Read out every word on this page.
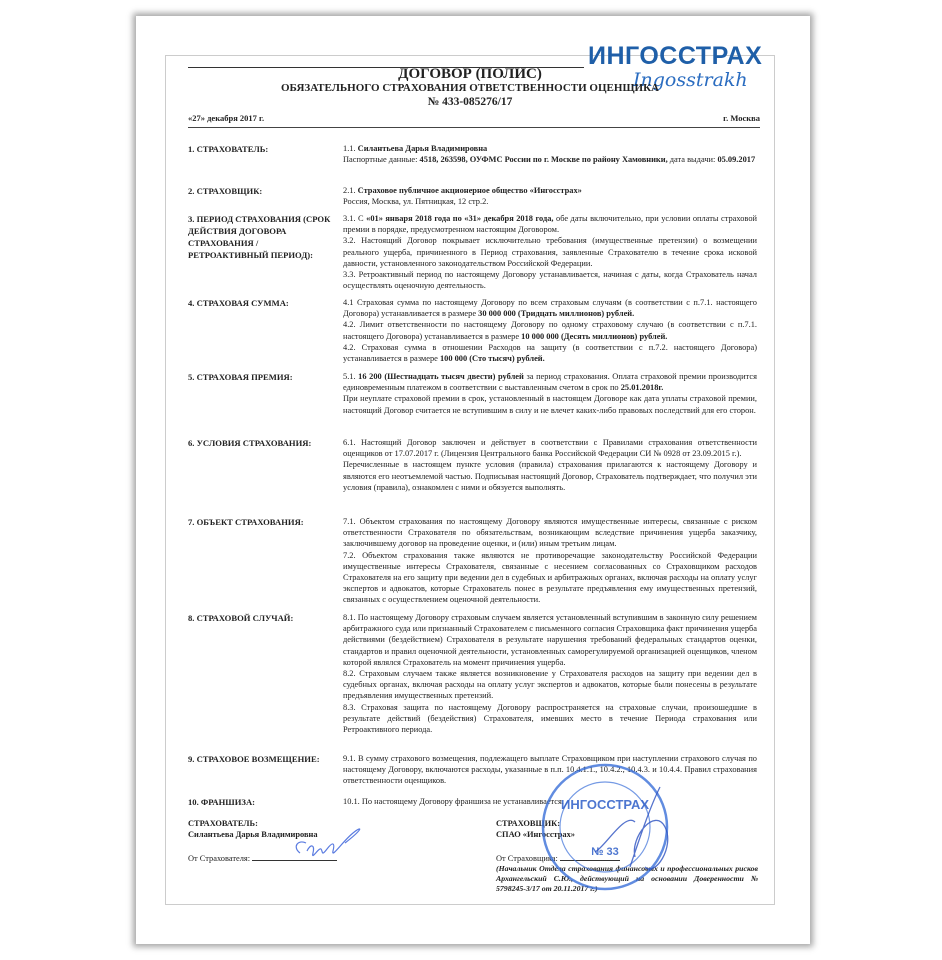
ИНГОССТРАХ
Ingosstrakh
ДОГОВОР (ПОЛИС)
ОБЯЗАТЕЛЬНОГО СТРАХОВАНИЯ ОТВЕТСТВЕННОСТИ ОЦЕНЩИКА
№ 433-085276/17
«27» декабря 2017 г.	г. Москва
1. СТРАХОВАТЕЛЬ:	1.1. Силантьева Дарья Владимировна

Паспортные данные: 4518, 263598, ОУФМС России по г. Москве по району Хамовники, дата выдачи: 05.09.2017

2. СТРАХОВЩИК:	2.1. Страховое публичное акционерное общество «Ингосстрах»

Россия, Москва, ул. Пятницкая, 12 стр.2.

3. ПЕРИОД СТРАХОВАНИЯ (СРОК ДЕЙСТВИЯ ДОГОВОРА СТРАХОВАНИЯ / РЕТРОАКТИВНЫЙ ПЕРИОД):

3.1. С «01» января 2018 года по «31» декабря 2018 года, обе даты включительно, при условии оплаты страховой премии в порядке, предусмотренном настоящим Договором.

3.2. Настоящий Договор покрывает исключительно требования (имущественные претензии) о возмещении реального ущерба, причиненного в Период страхования, заявленные Страхователю в течение срока исковой давности, установленного законодательством Российской Федерации.

3.3. Ретроактивный период по настоящему Договору устанавливается, начиная с даты, когда Страхователь начал осуществлять оценочную деятельность.

4. СТРАХОВАЯ СУММА:	4.1 Страховая сумма по настоящему Договору по всем страховым случаям (в соответствии с п.7.1. настоящего Договора) устанавливается в размере 30 000 000 (Тридцать миллионов) рублей.

4.2. Лимит ответственности по настоящему Договору по одному страховому случаю (в соответствии с п.7.1. настоящего Договора) устанавливается в размере 10 000 000 (Десять миллионов) рублей.

4.2. Страховая сумма в отношении Расходов на защиту (в соответствии с п.7.2. настоящего Договора) устанавливается в размере 100 000 (Сто тысяч) рублей.

5. СТРАХОВАЯ ПРЕМИЯ:	5.1. 16 200 (Шестнадцать тысяч двести) рублей за период страхования. Оплата страховой премии производится единовременным платежом в соответствии с выставленным счетом в срок по 25.01.2018г.

При неуплате страховой премии в срок, установленный в настоящем Договоре как дата уплаты страховой премии, настоящий Договор считается не вступившим в силу и не влечет каких-либо правовых последствий для его сторон.

6. УСЛОВИЯ СТРАХОВАНИЯ:	6.1. Настоящий Договор заключен и действует в соответствии с Правилами страхования ответственности оценщиков от 17.07.2017 г. (Лицензия Центрального банка Российской Федерации СИ № 0928 от 23.09.2015 г.).

Перечисленные в настоящем пункте условия (правила) страхования прилагаются к настоящему Договору и являются его неотъемлемой частью. Подписывая настоящий Договор, Страхователь подтверждает, что получил эти условия (правила), ознакомлен с ними и обязуется выполнять.

7. ОБЪЕКТ СТРАХОВАНИЯ:	7.1. Объектом страхования по настоящему Договору являются имущественные интересы, связанные с риском ответственности Страхователя по обязательствам, возникающим вследствие причинения ущерба заказчику, заключившему договор на проведение оценки, и (или) иным третьим лицам.

7.2. Объектом страхования также являются не противоречащие законодательству Российской Федерации имущественные интересы Страхователя, связанные с несением согласованных со Страховщиком расходов Страхователя на его защиту при ведении дел в судебных и арбитражных органах, включая расходы на оплату услуг экспертов и адвокатов, которые Страхователь понес в результате предъявления ему имущественных претензий, связанных с осуществлением оценочной деятельности.

8. СТРАХОВОЙ СЛУЧАЙ:	8.1. По настоящему Договору страховым случаем является установленный вступившим в законную силу решением арбитражного суда или признанный Страхователем с письменного согласия Страховщика факт причинения ущерба действиями (бездействием) Страхователя в результате нарушения требований федеральных стандартов оценки, стандартов и правил оценочной деятельности, установленных саморегулируемой организацией оценщиков, членом которой являлся Страхователь на момент причинения ущерба.

8.2. Страховым случаем также является возникновение у Страхователя расходов на защиту при ведении дел в судебных органах, включая расходы на оплату услуг экспертов и адвокатов, которые были понесены в результате предъявления имущественных претензий.

8.3. Страховая защита по настоящему Договору распространяется на страховые случаи, произошедшие в результате действий (бездействия) Страхователя, имевших место в течение Периода страхования или Ретроактивного периода.

9. СТРАХОВОЕ ВОЗМЕЩЕНИЕ:	9.1. В сумму страхового возмещения, подлежащего выплате Страховщиком при наступлении страхового случая по настоящему Договору, включаются расходы, указанные в п.п. 10.4.1.1., 10.4.2., 10.4.3. и 10.4.4. Правил страхования ответственности оценщиков.

10. ФРАНШИЗА:	10.1. По настоящему Договору франшиза не устанавливается.

СТРАХОВАТЕЛЬ:
Силантьева Дарья Владимировна
От Страхователя:
СТРАХОВЩИК:
СПАО «Ингосстрах»
От Страховщика:
(Начальник Отдела страхования финансовых и профессиональных рисков Архангельский С.Ю., действующий на основании Доверенности № 5798245-3/17 от 20.11.2017 г.)
ИНГОССТРАХ
№ 33
